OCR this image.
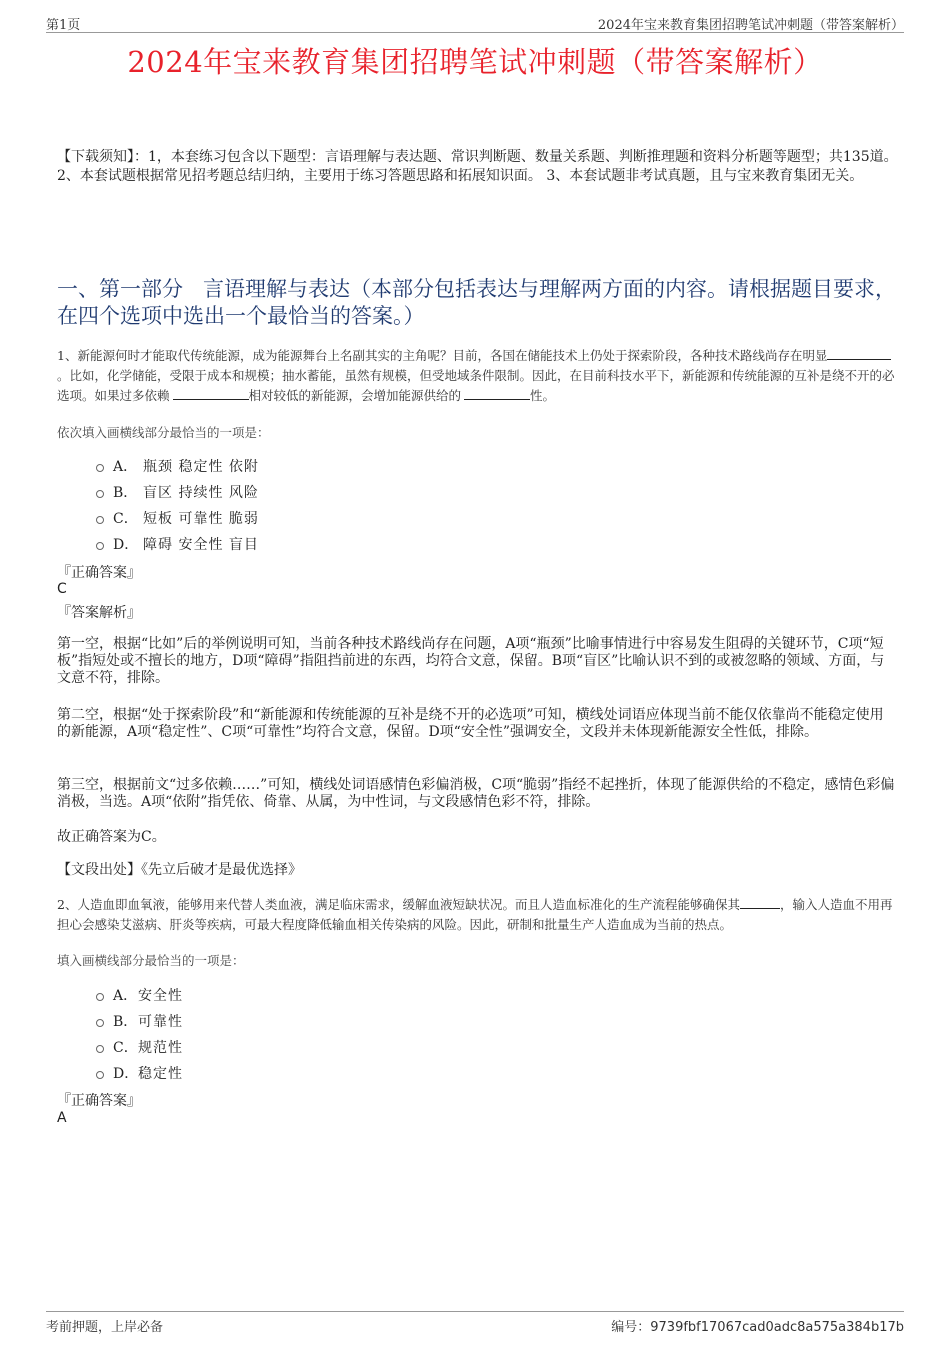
第1页	2024年宝来教育集团招聘笔试冲刺题（带答案解析）
2024年宝来教育集团招聘笔试冲刺题（带答案解析）
【下载须知】：1，本套练习包含以下题型：言语理解与表达题、常识判断题、数量关系题、判断推理题和资料分析题等题型；共135道。 2、本套试题根据常见招考题总结归纳，主要用于练习答题思路和拓展知识面。 3、本套试题非考试真题，且与宝来教育集团无关。
一、第一部分 言语理解与表达（本部分包括表达与理解两方面的内容。请根据题目要求，在四个选项中选出一个最恰当的答案。）
1、新能源何时才能取代传统能源，成为能源舞台上名副其实的主角呢？目前，各国在储能技术上仍处于探索阶段，各种技术路线尚存在明显。比如，化学储能，受限于成本和规模；抽水蓄能，虽然有规模，但受地域条件限制。因此，在目前科技水平下，新能源和传统能源的互补是绕不开的必选项。如果过多依赖	相对较低的新能源，会增加能源供给的	性。
依次填入画横线部分最恰当的一项是：
A． 瓶颈 稳定性 依附
B． 盲区 持续性 风险
C． 短板 可靠性 脆弱
D． 障碍 安全性 盲目
『正确答案』
C
『答案解析』
第一空，根据“比如”后的举例说明可知，当前各种技术路线尚存在问题，A项“瓶颈”比喻事情进行中容易发生阻碍的关键环节，C项“短板”指短处或不擅长的地方，D项“障碍”指阻挡前进的东西，均符合文意，保留。B项“盲区”比喻认识不到的或被忽略的领域、方面，与文意不符，排除。
第二空，根据“处于探索阶段”和“新能源和传统能源的互补是绕不开的必选项”可知，横线处词语应体现当前不能仅依靠尚不能稳定使用的新能源，A项“稳定性”、C项“可靠性”均符合文意，保留。D项“安全性”强调安全，文段并未体现新能源安全性低，排除。
第三空，根据前文“过多依赖……”可知，横线处词语感情色彩偏消极，C项“脆弱”指经不起挫折，体现了能源供给的不稳定，感情色彩偏消极，当选。A项“依附”指凭依、倚靠、从属，为中性词，与文段感情色彩不符，排除。
故正确答案为C。
【文段出处】《先立后破才是最优选择》
2、人造血即血氧液，能够用来代替人类血液，满足临床需求，缓解血液短缺状况。而且人造血标准化的生产流程能够确保其	，输入人造血不用再担心会感染艾滋病、肝炎等疾病，可最大程度降低输血相关传染病的风险。因此，研制和批量生产人造血成为当前的热点。
填入画横线部分最恰当的一项是：
A． 安全性
B． 可靠性
C． 规范性
D． 稳定性
『正确答案』
A
考前押题，上岸必备	编号：9739fbf17067cad0adc8a575a384b17b
